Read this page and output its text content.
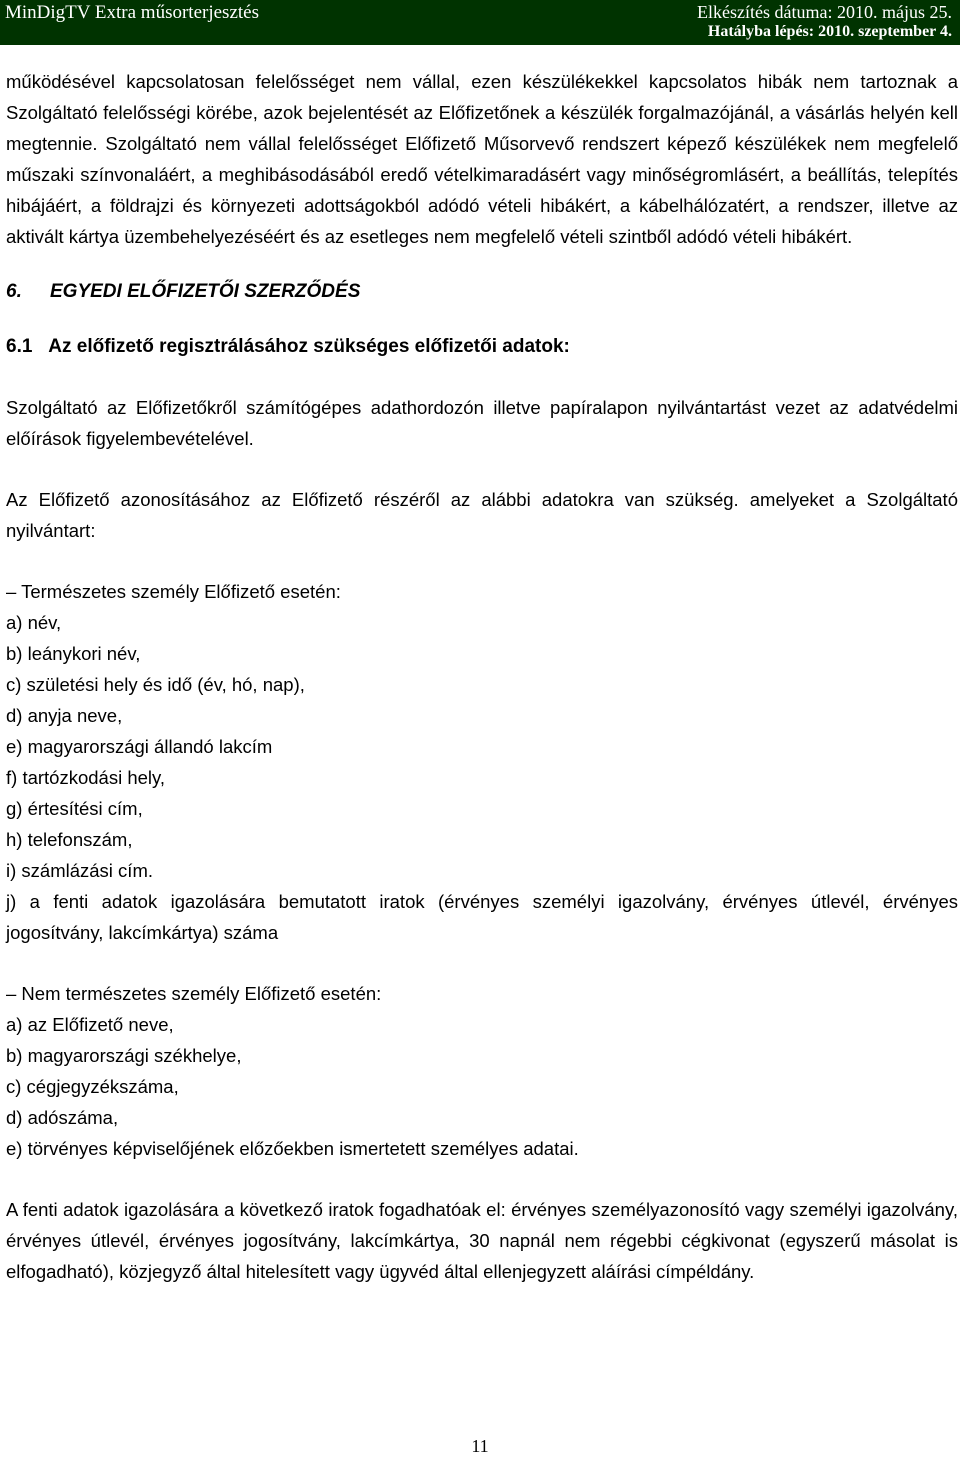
MinDigTV Extra műsorterjesztés	Elkészítés dátuma: 2010. május 25.
Hatályba lépés: 2010. szeptember 4.

működésével kapcsolatosan felelősséget nem vállal, ezen készülékekkel kapcsolatos hibák nem tartoznak a Szolgáltató felelősségi körébe, azok bejelentését az Előfizetőnek a készülék forgalmazójánál, a vásárlás helyén kell megtennie. Szolgáltató nem vállal felelősséget Előfizető Műsorvevő rendszert képező készülékek nem megfelelő műszaki színvonaláért, a meghibásodásából eredő vételkimaradásért vagy minőségromlásért, a beállítás, telepítés hibájáért, a földrajzi és környezeti adottságokból adódó vételi hibákért, a kábelhálózatért, a rendszer, illetve az aktivált kártya üzembehelyezéséért és az esetleges nem megfelelő vételi szintből adódó vételi hibákért.

6. EGYEDI ELŐFIZETŐI SZERZŐDÉS

6.1 Az előfizető regisztrálásához szükséges előfizetői adatok:

Szolgáltató az Előfizetőkről számítógépes adathordozón illetve papíralapon nyilvántartást vezet az adatvédelmi előírások figyelembevételével.

Az Előfizető azonosításához az Előfizető részéről az alábbi adatokra van szükség. amelyeket a Szolgáltató nyilvántart:

– Természetes személy Előfizető esetén:

a) név,
b) leánykori név,
c) születési hely és idő (év, hó, nap),
d) anyja neve,
e) magyarországi állandó lakcím
f) tartózkodási hely,
g) értesítési cím,
h) telefonszám,
i) számlázási cím.
j) a fenti adatok igazolására bemutatott iratok (érvényes személyi igazolvány, érvényes útlevél, érvényes jogosítvány, lakcímkártya) száma

– Nem természetes személy Előfizető esetén:

a) az Előfizető neve,
b) magyarországi székhelye,
c) cégjegyzékszáma,
d) adószáma,
e) törvényes képviselőjének előzőekben ismertetett személyes adatai.

A fenti adatok igazolására a következő iratok fogadhatóak el: érvényes személyazonosító vagy személyi igazolvány, érvényes útlevél, érvényes jogosítvány, lakcímkártya, 30 napnál nem régebbi cégkivonat (egyszerű másolat is elfogadható), közjegyző által hitelesített vagy ügyvéd által ellenjegyzett aláírási címpéldány.

11
